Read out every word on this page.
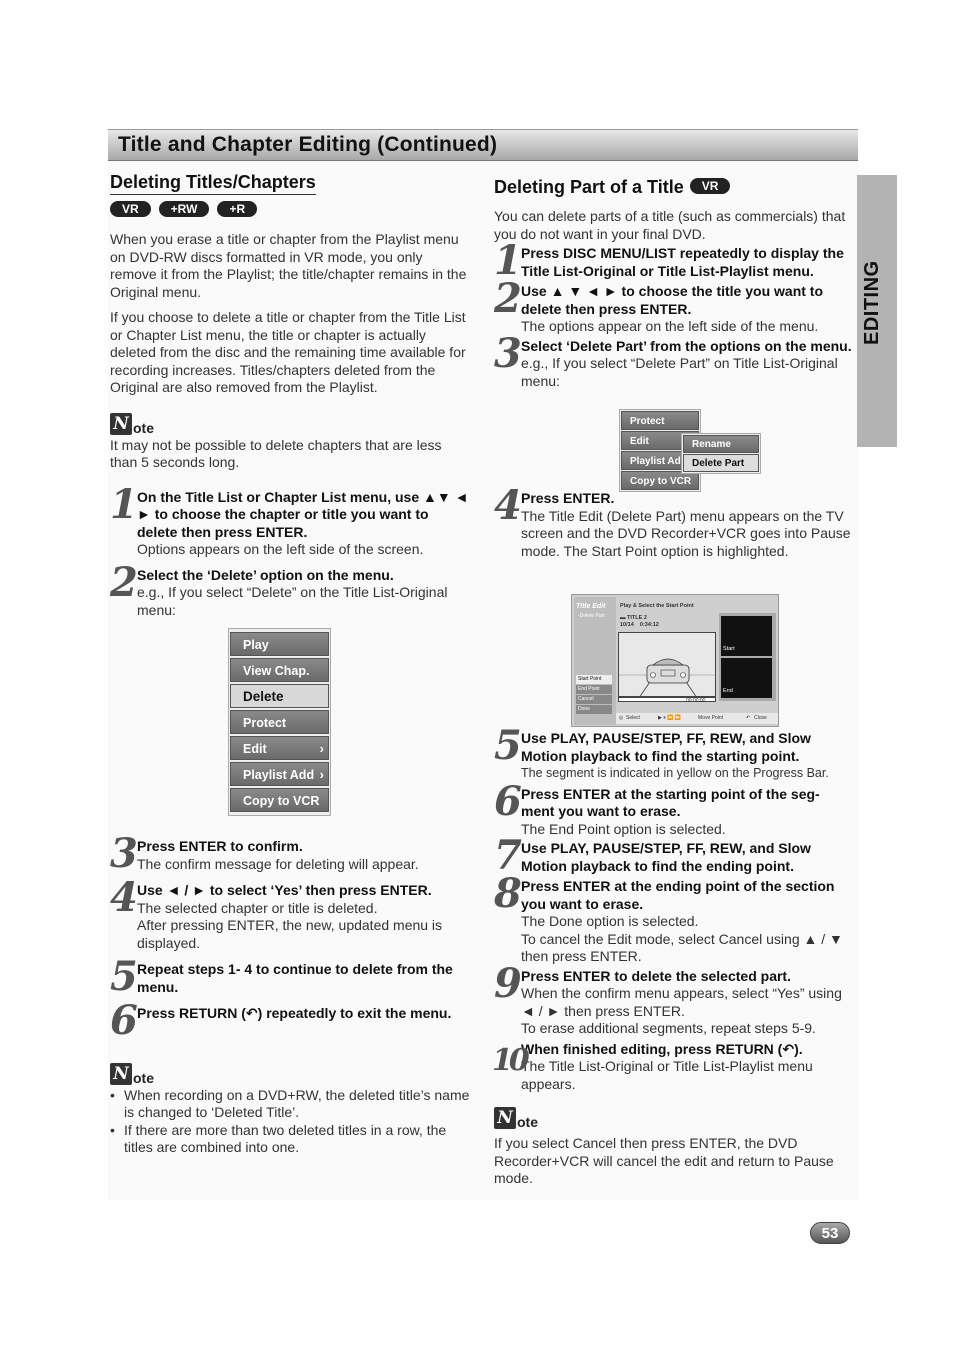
Title and Chapter Editing (Continued)
EDITING
Deleting Titles/Chapters
VR	+RW	+R

When you erase a title or chapter from the Playlist menu on DVD-RW discs formatted in VR mode, you only remove it from the Playlist; the title/chapter remains in the Original menu.

If you choose to delete a title or chapter from the Title List or Chapter List menu, the title or chapter is actually deleted from the disc and the remaining time available for recording increases. Titles/chapters deleted from the Original are also removed from the Playlist.

N ote

It may not be possible to delete chapters that are less than 5 seconds long.

1 On the Title List or Chapter List menu, use ▲▼ ◄ ► to choose the chapter or title you want to delete then press ENTER.
Options appears on the left side of the screen.
2 Select the ‘Delete’ option on the menu.
e.g., If you select “Delete” on the Title List-Original menu:
3 Press ENTER to confirm.
The confirm message for deleting will appear.
4 Use ◄ / ► to select ‘Yes’ then press ENTER.
The selected chapter or title is deleted.
After pressing ENTER, the new, updated menu is displayed.
5 Repeat steps 1- 4 to continue to delete from the menu.
6 Press RETURN (↶) repeatedly to exit the menu.
N ote
• When recording on a DVD+RW, the deleted title’s name is changed to ‘Deleted Title’.
• If there are more than two deleted titles in a row, the titles are combined into one.
Play
View Chap.
Delete
Protect
Edit	›
Playlist Add ›
Copy to VCR
Deleting Part of a Title VR

You can delete parts of a title (such as commercials) that you do not want in your final DVD.

1 Press DISC MENU/LIST repeatedly to display the Title List-Original or Title List-Playlist menu.
2 Use ▲ ▼ ◄ ► to choose the title you want to delete then press ENTER.
The options appear on the left side of the menu.
3 Select ‘Delete Part’ from the options on the menu.
e.g., If you select “Delete Part” on Title List-Original menu:
4 Press ENTER.
The Title Edit (Delete Part) menu appears on the TV screen and the DVD Recorder+VCR goes into Pause mode. The Start Point option is highlighted.
5 Use PLAY, PAUSE/STEP, FF, REW, and Slow Motion playback to find the starting point.
The segment is indicated in yellow on the Progress Bar.
6 Press ENTER at the starting point of the seg- ment you want to erase.
The End Point option is selected.
7 Use PLAY, PAUSE/STEP, FF, REW, and Slow Motion playback to find the ending point.
8 Press ENTER at the ending point of the section you want to erase.
The Done option is selected.
To cancel the Edit mode, select Cancel using ▲ / ▼ then press ENTER.
9 Press ENTER to delete the selected part.
When the confirm menu appears, select “Yes” using ◄ / ► then press ENTER.
To erase additional segments, repeat steps 5-9.
10
When finished editing, press RETURN (↶).
The Title List-Original or Title List-Playlist menu appears.
N ote

If you select Cancel then press ENTER, the DVD Recorder+VCR will cancel the edit and return to Pause mode.

Protect
Edit
Playlist Ad
Copy to VCR
Rename
Delete Part
Title Edit
-Delete Part
Start Point
End Point
Cancel
Done
Play & Select the Start Point
▬ TITLE 2
10/14 0:34:12
00:00:00
Start
End
◎ Select	▶ ⏸ ⏪ ⏩	Move Point	↶ Close
53
